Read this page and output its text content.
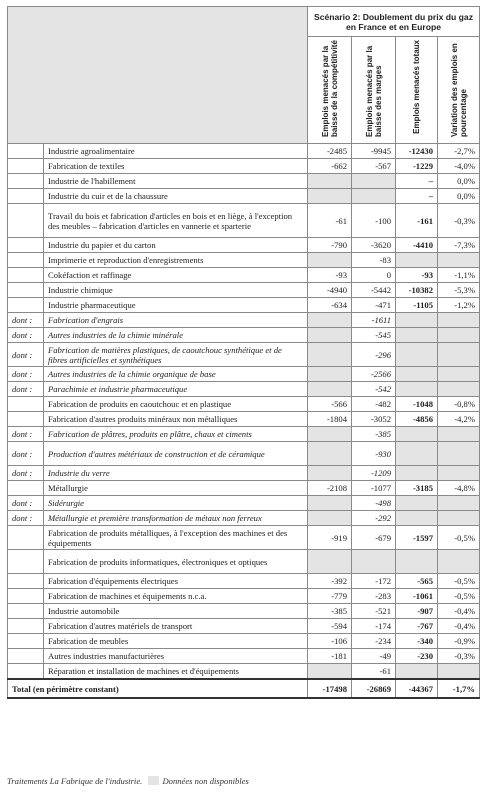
		Scénario 2: Doublement du prix du gaz en France et en Europe			

		Emplois menacés par la baisse de la compétitivité	Emplois menacés par la baisse des marges	Emplois menacés totaux	Variation des emplois en pourcentage

	Industrie agroalimentaire	-2485	-9945	-12430	-2,7%
	Fabrication de textiles	-662	-567	-1229	-4,0%
	Industrie de l'habillement			–	0,0%
	Industrie du cuir et de la chaussure			–	0,0%
	Travail du bois et fabrication d'articles en bois et en liège, à l'exception des meubles – fabrication d'articles en vannerie et sparterie	-61	-100	-161	-0,3%
	Industrie du papier et du carton	-790	-3620	-4410	-7,3%
	Imprimerie et reproduction d'enregistrements		-83		
	Cokéfaction et raffinage	-93	0	-93	-1,1%
	Industrie chimique	-4940	-5442	-10382	-5,3%
	Industrie pharmaceutique	-634	-471	-1105	-1,2%
dont :	Fabrication d'engrais		-1611		
dont :	Autres industries de la chimie minérale		-545		
dont :	Fabrication de matières plastiques, de caoutchouc synthétique et de fibres artificielles et synthétiques		-296		
dont :	Autres industries de la chimie organique de base		-2566		
dont :	Parachimie et industrie pharmaceutique		-542		
	Fabrication de produits en caoutchouc et en plastique	-566	-482	-1048	-0,8%
	Fabrication d'autres produits minéraux non métalliques	-1804	-3052	-4856	-4,2%
dont :	Fabrication de plâtres, produits en plâtre, chaux et ciments		-385		
dont :	Production d'autres métériaux de construction et de céramique		-930		
dont :	Industrie du verre		-1209		
	Métallurgie	-2108	-1077	-3185	-4,8%
dont :	Sidérurgie		-498		
dont :	Métallurgie et première transformation de métaux non ferreux		-292		
	Fabrication de produits métalliques, à l'exception des machines et des équipements	-919	-679	-1597	-0,5%
	Fabrication de produits informatiques, électroniques et optiques				
	Fabrication d'équipements électriques	-392	-172	-565	-0,5%
	Fabrication de machines et équipements n.c.a.	-779	-283	-1061	-0,5%
	Industrie automobile	-385	-521	-907	-0,4%
	Fabrication d'autres matériels de transport	-594	-174	-767	-0,4%
	Fabrication de meubles	-106	-234	-340	-0,9%
	Autres industries manufacturières	-181	-49	-230	-0,3%
	Réparation et installation de machines et d'équipements		-61		
Total (en périmètre constant)		-17498	-26869	-44367	-1,7%
Traitements La Fabrique de l'industrie. Données non disponibles
